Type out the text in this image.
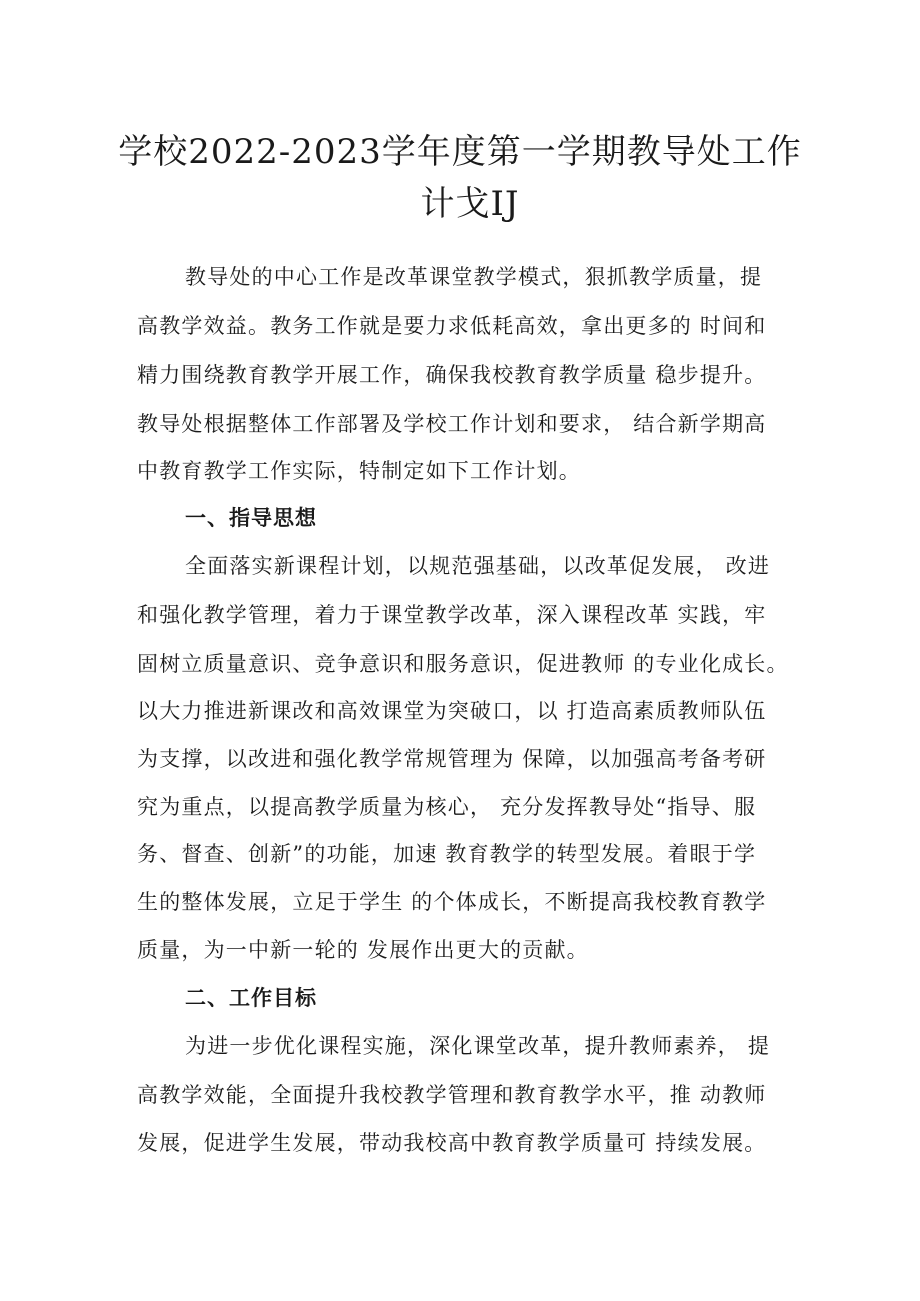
学校2022-2023学年度第一学期教导处工作
计戈IJ
教导处的中心工作是改革课堂教学模式，狠抓教学质量，提
高教学效益。教务工作就是要力求低耗高效，拿出更多的 时间和
精力围绕教育教学开展工作，确保我校教育教学质量 稳步提升。
教导处根据整体工作部署及学校工作计划和要求， 结合新学期高
中教育教学工作实际，特制定如下工作计划。
一、指导思想
全面落实新课程计划，以规范强基础，以改革促发展， 改进
和强化教学管理，着力于课堂教学改革，深入课程改革 实践，牢
固树立质量意识、竞争意识和服务意识，促进教师 的专业化成长。
以大力推进新课改和高效课堂为突破口，以 打造高素质教师队伍
为支撑，以改进和强化教学常规管理为 保障，以加强高考备考研
究为重点，以提高教学质量为核心， 充分发挥教导处“指导、服
务、督查、创新”的功能，加速 教育教学的转型发展。着眼于学
生的整体发展，立足于学生 的个体成长，不断提高我校教育教学
质量，为一中新一轮的 发展作出更大的贡献。
二、工作目标
为进一步优化课程实施，深化课堂改革，提升教师素养， 提
高教学效能，全面提升我校教学管理和教育教学水平，推 动教师
发展，促进学生发展，带动我校高中教育教学质量可 持续发展。
